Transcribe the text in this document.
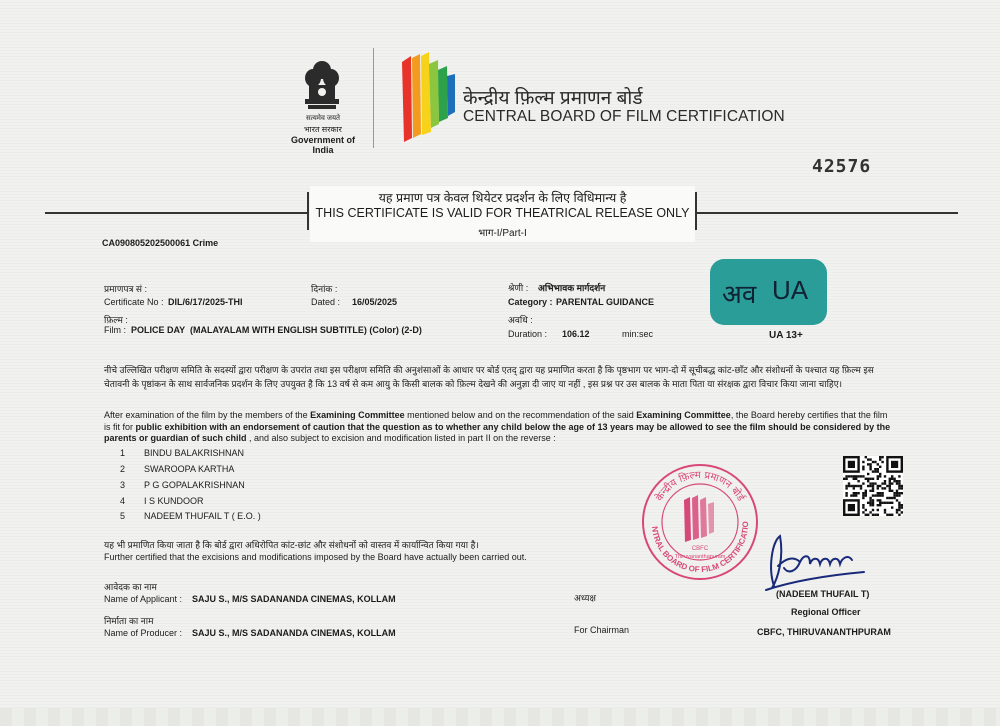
सत्यमेव जयते
भारत सरकार
Government of India
केन्द्रीय फ़िल्म प्रमाणन बोर्ड
CENTRAL BOARD OF FILM CERTIFICATION
42576
यह प्रमाण पत्र केवल थियेटर प्रदर्शन के लिए विधिमान्य है
THIS CERTIFICATE IS VALID FOR THEATRICAL RELEASE ONLY
भाग-I/Part-I
CA090805202500061 Crime
प्रमाणपत्र सं :
Certificate No : DIL/6/17/2025-THI
दिनांक :
Dated : 16/05/2025
श्रेणी : अभिभावक मार्गदर्शन
Category : PARENTAL GUIDANCE
फ़िल्म :
Film : POLICE DAY  (MALAYALAM WITH ENGLISH SUBTITLE) (Color) (2-D)
अवधि :
Duration : 106.12	min:sec
अव UA
UA 13+
नीचे उल्लिखित परीक्षण समिति के सदस्यों द्वारा परीक्षण के उपरांत तथा इस परीक्षण समिति की अनुशंसाओं के आधार पर बोर्ड एतद् द्वारा यह प्रमाणित करता है कि पृष्ठभाग पर भाग-दो में सूचीबद्ध कांट-छाँट और संशोधनों के पश्चात यह फ़िल्म इस चेतावनी के पृष्ठांकन के साथ सार्वजनिक प्रदर्शन के लिए उपयुक्त है कि 13 वर्ष से कम आयु के किसी बालक को फ़िल्म देखने की अनुज्ञा दी जाए या नहीं , इस प्रश्न पर उस बालक के माता पिता या संरक्षक द्वारा विचार किया जाना चाहिए।
After examination of the film by the members of the Examining Committee mentioned below and on the recommendation of the said Examining Committee, the Board hereby certifies that the film is fit for public exhibition with an endorsement of caution that the question as to whether any child below the age of 13 years may be allowed to see the film should be considered by the parents or guardian of such child , and also subject to excision and modification listed in part II on the reverse :
1 BINDU BALAKRISHNAN
2 SWAROOPA KARTHA
3 P G GOPALAKRISHNAN
4 I S KUNDOOR
5 NADEEM THUFAIL T ( E.O. )
यह भी प्रमाणित किया जाता है कि बोर्ड द्वारा अधिरोपित कांट-छांट और संशोधनों को वास्तव में कार्यान्वित किया गया है।
Further certified that the excisions and modifications imposed by the Board have actually been carried out.
आवेदक का नाम
Name of Applicant : SAJU S., M/S SADANANDA CINEMAS, KOLLAM
निर्माता का नाम
Name of Producer : SAJU S., M/S SADANANDA CINEMAS, KOLLAM
अध्यक्ष
For Chairman
केन्द्रीय फ़िल्म प्रमाणन बोर्ड
NTRAL BOARD OF FILM CERTIFICATIO
CBFC
Thiruvananthapuram
(NADEEM THUFAIL T)
Regional Officer
CBFC, THIRUVANANTHPURAM
